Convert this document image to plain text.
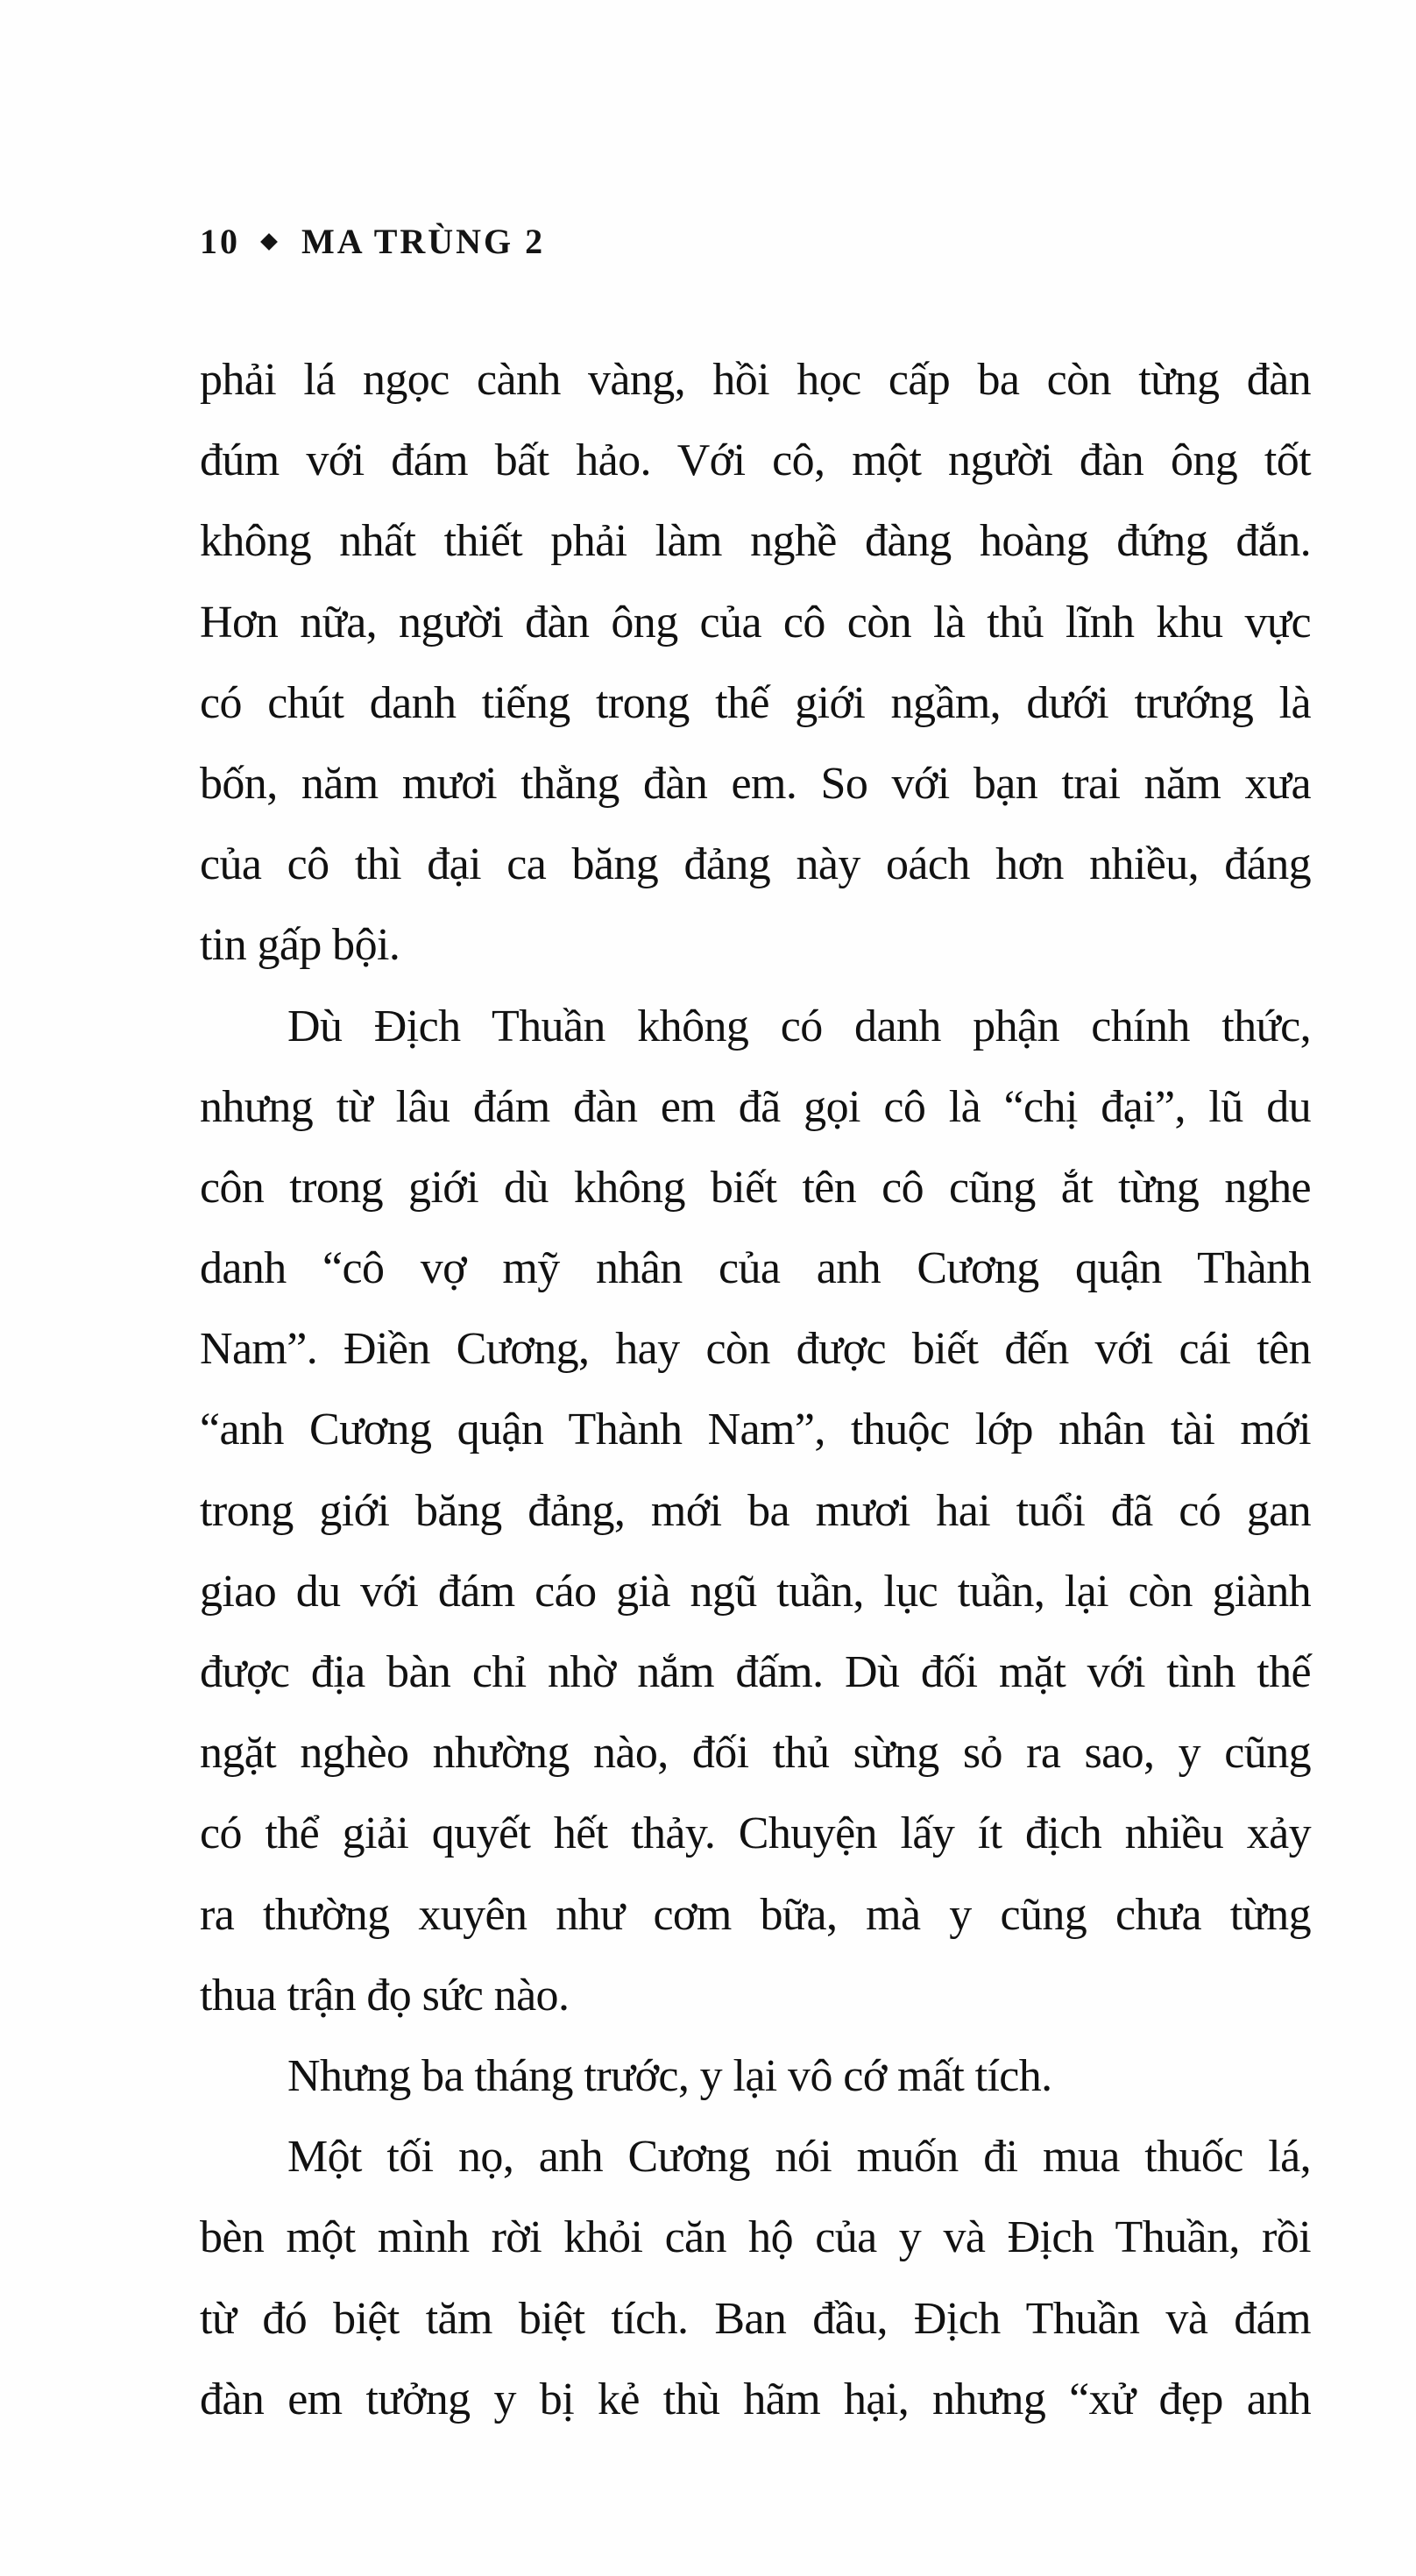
10 MA TRÙNG 2
phải lá ngọc cành vàng, hồi học cấp ba còn từng đàn
đúm với đám bất hảo. Với cô, một người đàn ông tốt
không nhất thiết phải làm nghề đàng hoàng đứng đắn.
Hơn nữa, người đàn ông của cô còn là thủ lĩnh khu vực
có chút danh tiếng trong thế giới ngầm, dưới trướng là
bốn, năm mươi thằng đàn em. So với bạn trai năm xưa
của cô thì đại ca băng đảng này oách hơn nhiều, đáng
tin gấp bội.
Dù Địch Thuần không có danh phận chính thức,
nhưng từ lâu đám đàn em đã gọi cô là “chị đại”, lũ du
côn trong giới dù không biết tên cô cũng ắt từng nghe
danh “cô vợ mỹ nhân của anh Cương quận Thành
Nam”. Điền Cương, hay còn được biết đến với cái tên
“anh Cương quận Thành Nam”, thuộc lớp nhân tài mới
trong giới băng đảng, mới ba mươi hai tuổi đã có gan
giao du với đám cáo già ngũ tuần, lục tuần, lại còn giành
được địa bàn chỉ nhờ nắm đấm. Dù đối mặt với tình thế
ngặt nghèo nhường nào, đối thủ sừng sỏ ra sao, y cũng
có thể giải quyết hết thảy. Chuyện lấy ít địch nhiều xảy
ra thường xuyên như cơm bữa, mà y cũng chưa từng
thua trận đọ sức nào.
Nhưng ba tháng trước, y lại vô cớ mất tích.
Một tối nọ, anh Cương nói muốn đi mua thuốc lá,
bèn một mình rời khỏi căn hộ của y và Địch Thuần, rồi
từ đó biệt tăm biệt tích. Ban đầu, Địch Thuần và đám
đàn em tưởng y bị kẻ thù hãm hại, nhưng “xử đẹp anh
